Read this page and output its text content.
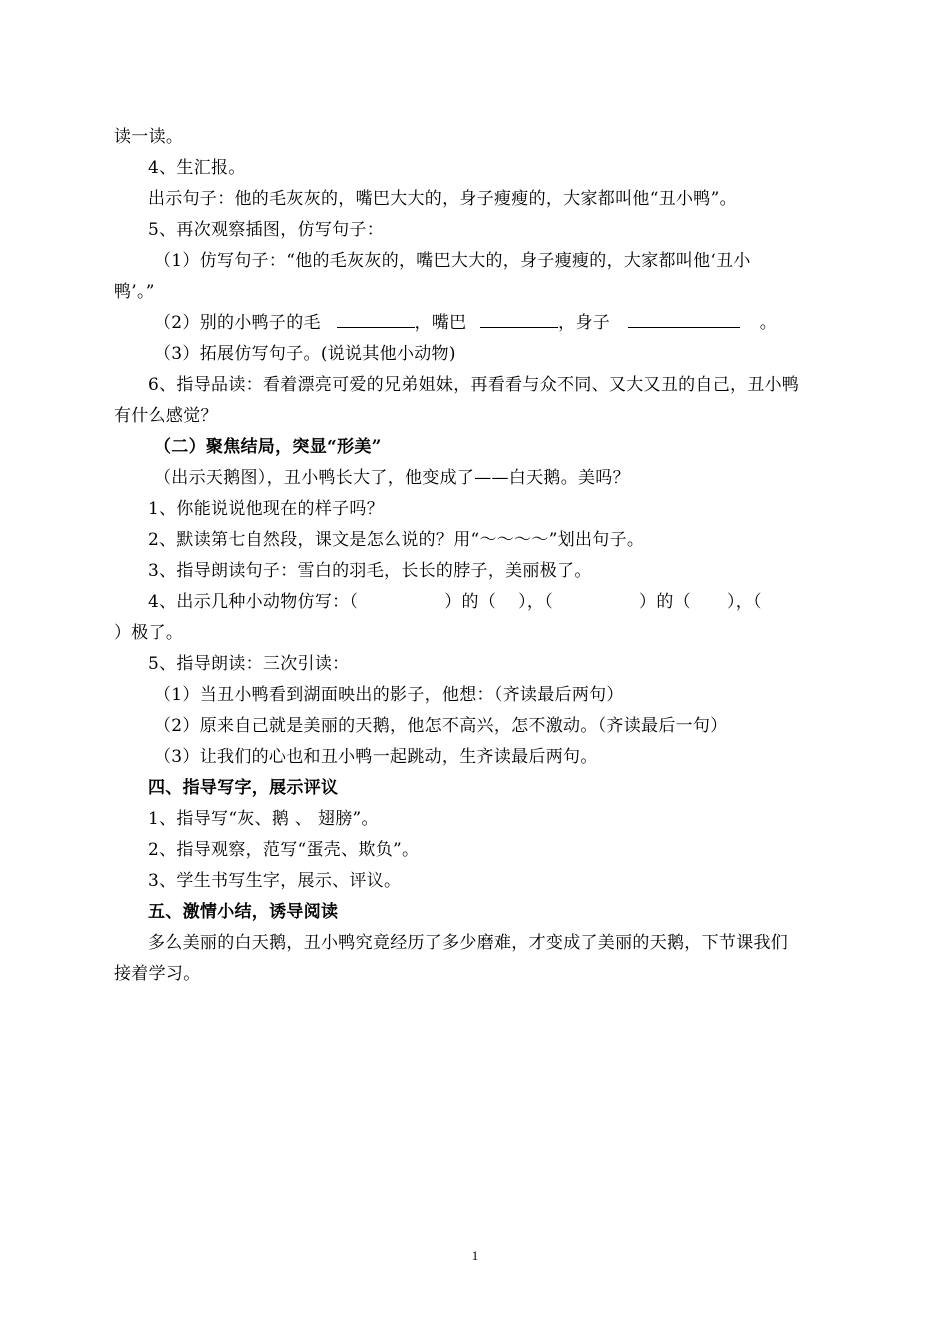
读一读。
4、生汇报。
出示句子：他的毛灰灰的，嘴巴大大的，身子瘦瘦的，大家都叫他“丑小鸭”。
5、再次观察插图，仿写句子：
（1）仿写句子：“他的毛灰灰的，嘴巴大大的，身子瘦瘦的，大家都叫他‘丑小
鸭’。”
（2）别的小鸭子的毛	，嘴巴	，身子	。
（3）拓展仿写句子。(说说其他小动物)
6、指导品读：看着漂亮可爱的兄弟姐妹，再看看与众不同、又大又丑的自己，丑小鸭
有什么感觉？
（二）聚焦结局，突显“形美”
（出示天鹅图），丑小鸭长大了，他变成了——白天鹅。美吗？
1、你能说说他现在的样子吗？
2、默读第七自然段，课文是怎么说的？用“～～～～”划出句子。
3、指导朗读句子：雪白的羽毛，长长的脖子，美丽极了。
4、出示几种小动物仿写：（	）的（ ），（	）的（ ），（
）极了。
5、指导朗读：三次引读：
（1）当丑小鸭看到湖面映出的影子，他想：（齐读最后两句）
（2）原来自己就是美丽的天鹅，他怎不高兴，怎不激动。（齐读最后一句）
（3）让我们的心也和丑小鸭一起跳动，生齐读最后两句。
四、指导写字，展示评议
1、指导写“灰、鹅 、 翅膀”。
2、指导观察，范写“蛋壳、欺负”。
3、学生书写生字，展示、评议。
五、激情小结，诱导阅读
多么美丽的白天鹅，丑小鸭究竟经历了多少磨难，才变成了美丽的天鹅，下节课我们
接着学习。
1
